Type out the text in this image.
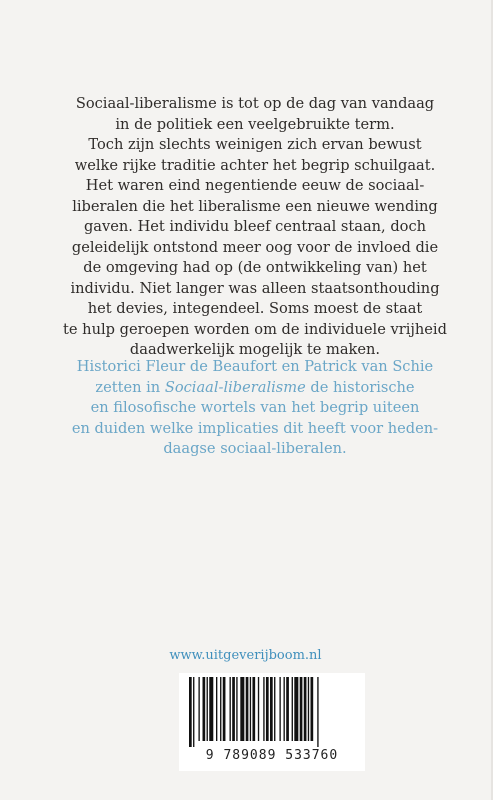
Sociaal-liberalisme is tot op de dag van vandaag
in de politiek een veelgebruikte term.
Toch zijn slechts weinigen zich ervan bewust
welke rijke traditie achter het begrip schuilgaat.
Het waren eind negentiende eeuw de sociaal-
liberalen die het liberalisme een nieuwe wending
gaven. Het individu bleef centraal staan, doch
geleidelijk ontstond meer oog voor de invloed die
de omgeving had op (de ontwikkeling van) het
individu. Niet langer was alleen staatsonthouding
het devies, integendeel. Soms moest de staat
te hulp geroepen worden om de individuele vrijheid
daadwerkelijk mogelijk te maken.
Historici Fleur de Beaufort en Patrick van Schie
zetten in Sociaal-liberalisme de historische
en filosofische wortels van het begrip uiteen
en duiden welke implicaties dit heeft voor heden-
daagse sociaal-liberalen.
www.uitgeverijboom.nl
9 789089 533760
